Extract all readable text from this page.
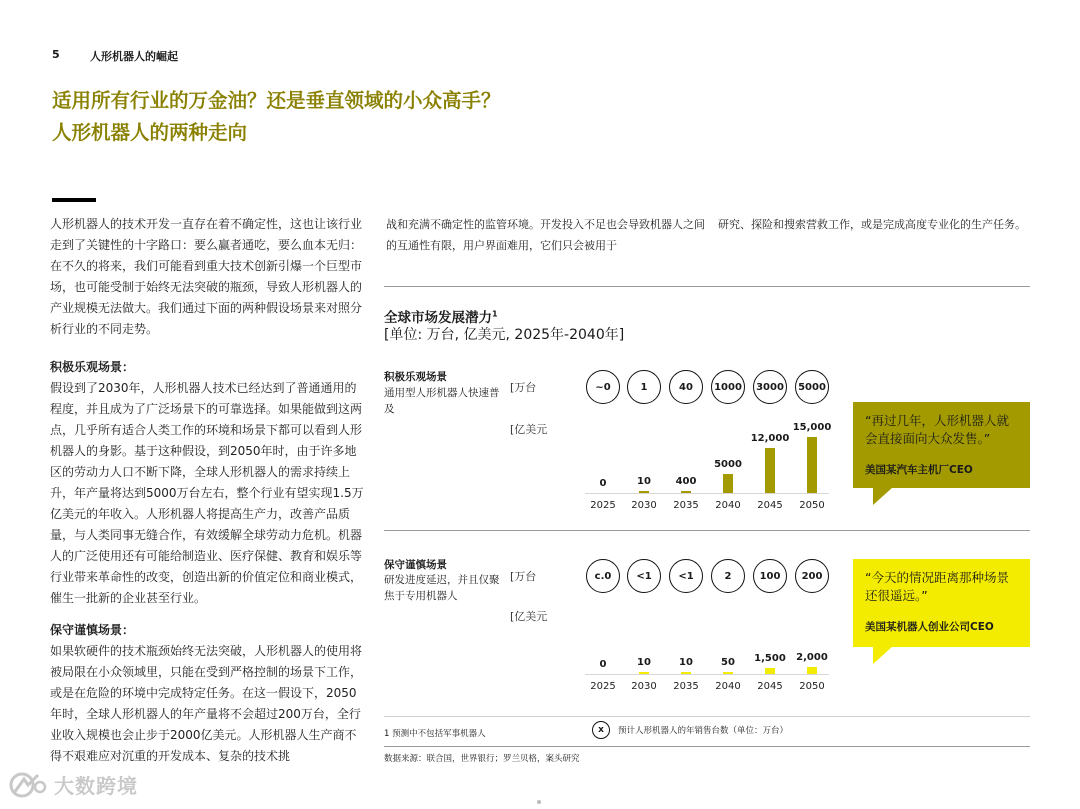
5	人形机器人的崛起
适用所有行业的万金油？还是垂直领域的小众高手？
人形机器人的两种走向

人形机器人的技术开发一直存在着不确定性，这也让该行业走到了关键性的十字路口：要么赢者通吃，要么血本无归：在不久的将来，我们可能看到重大技术创新引爆一个巨型市场，也可能受制于始终无法突破的瓶颈，导致人形机器人的产业规模无法做大。我们通过下面的两种假设场景来对照分析行业的不同走势。

积极乐观场景：

假设到了2030年，人形机器人技术已经达到了普通通用的程度，并且成为了广泛场景下的可靠选择。如果能做到这两点，几乎所有适合人类工作的环境和场景下都可以看到人形机器人的身影。基于这种假设，到2050年时，由于许多地区的劳动力人口不断下降，全球人形机器人的需求持续上升，年产量将达到5000万台左右，整个行业有望实现1.5万亿美元的年收入。人形机器人将提高生产力，改善产品质量，与人类同事无缝合作，有效缓解全球劳动力危机。机器人的广泛使用还有可能给制造业、医疗保健、教育和娱乐等行业带来革命性的改变，创造出新的价值定位和商业模式，催生一批新的企业甚至行业。

保守谨慎场景：

如果软硬件的技术瓶颈始终无法突破，人形机器人的使用将被局限在小众领域里，只能在受到严格控制的场景下工作，或是在危险的环境中完成特定任务。在这一假设下，2050年时，全球人形机器人的年产量将不会超过200万台，全行业收入规模也会止步于2000亿美元。人形机器人生产商不得不艰难应对沉重的开发成本、复杂的技术挑

战和充满不确定性的监管环境。开发投入不足也会导致机器人之间的互通性有限，用户界面难用，它们只会被用于
研究、探险和搜索营救工作，或是完成高度专业化的生产任务。
全球市场发展潜力$^1$
[单位: 万台, 亿美元, 2025年-2040年]
积极乐观场景
通用型人形机器人快速普及
[万台
[亿美元
~0	1	40	1000	3000	5000
0
2025
10
2030
400
2035
5000
2040
12,000
2045
15,000
2050
“再过几年，人形机器人就会直接面向大众发售。”
美国某汽车主机厂CEO
保守谨慎场景
研发进度延迟，并且仅聚焦于专用机器人
[万台
[亿美元
c.0	<1	<1	2	100	200
0
2025
10
2030
10
2035
50
2040
1,500
2045
2,000
2050
“今天的情况距离那种场景还很遥远。”
美国某机器人创业公司CEO
1 预测中不包括军事机器人	x	预计人形机器人的年销售台数（单位：万台）
数据来源：联合国，世界银行；罗兰贝格，案头研究
大数跨境
